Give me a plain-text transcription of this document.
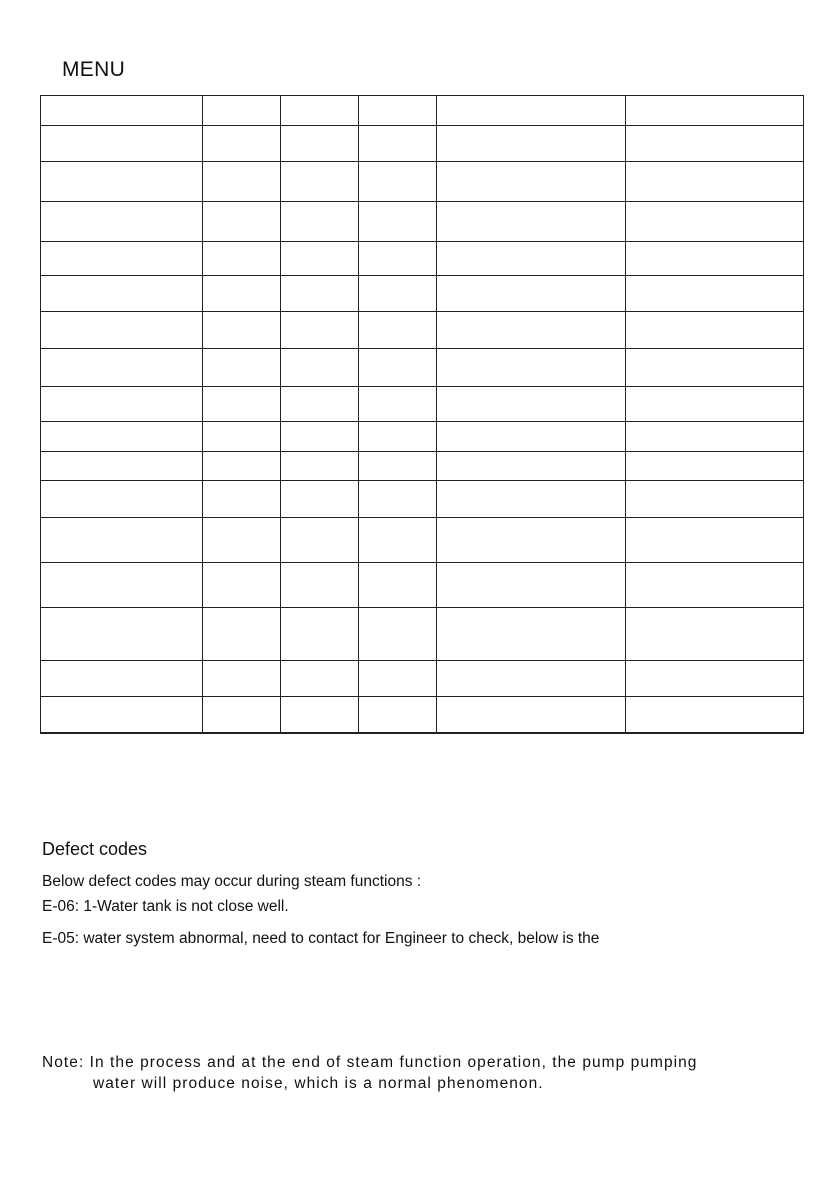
MENU

Defect codes
Below defect codes may occur during steam functions :
E-06: 1-Water tank is not close well.
E-05: water system abnormal, need to contact for Engineer to check, below is the
Note: In the process and at the end of steam function operation, the pump pumping
water will produce noise, which is a normal phenomenon.
